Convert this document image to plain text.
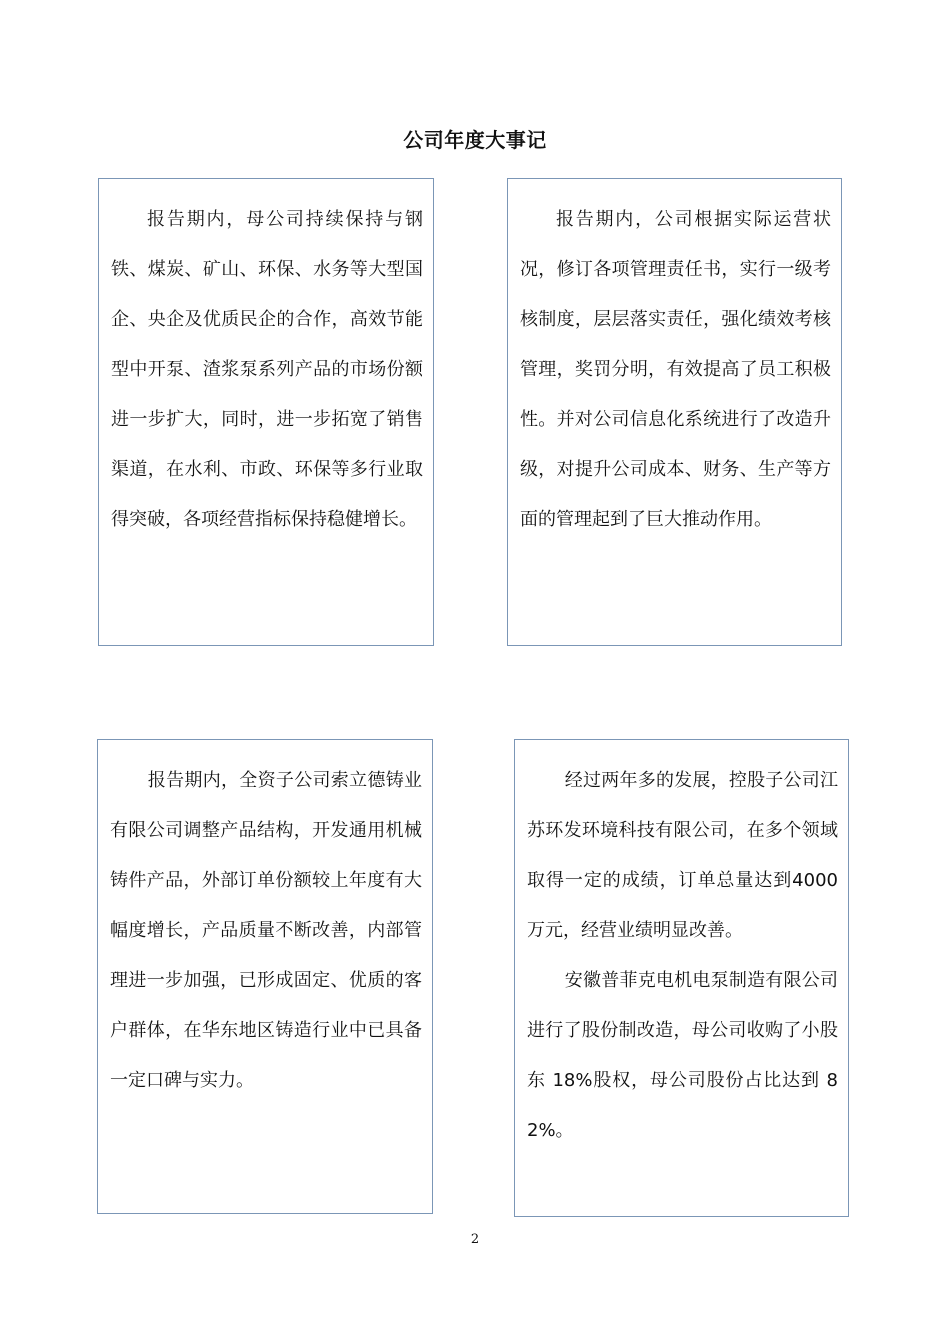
公司年度大事记

报告期内，母公司持续保持与钢铁、煤炭、矿山、环保、水务等大型国企、央企及优质民企的合作，高效节能型中开泵、渣浆泵系列产品的市场份额进一步扩大，同时，进一步拓宽了销售渠道，在水利、市政、环保等多行业取得突破，各项经营指标保持稳健增长。

报告期内，公司根据实际运营状况，修订各项管理责任书，实行一级考核制度，层层落实责任，强化绩效考核管理，奖罚分明，有效提高了员工积极性。并对公司信息化系统进行了改造升级，对提升公司成本、财务、生产等方面的管理起到了巨大推动作用。

报告期内，全资子公司索立德铸业有限公司调整产品结构，开发通用机械铸件产品，外部订单份额较上年度有大幅度增长，产品质量不断改善，内部管理进一步加强，已形成固定、优质的客户群体，在华东地区铸造行业中已具备一定口碑与实力。

经过两年多的发展，控股子公司江苏环发环境科技有限公司，在多个领域取得一定的成绩，订单总量达到4000 万元，经营业绩明显改善。

安徽普菲克电机电泵制造有限公司进行了股份制改造，母公司收购了小股东 18%股权，母公司股份占比达到 82%。

2
